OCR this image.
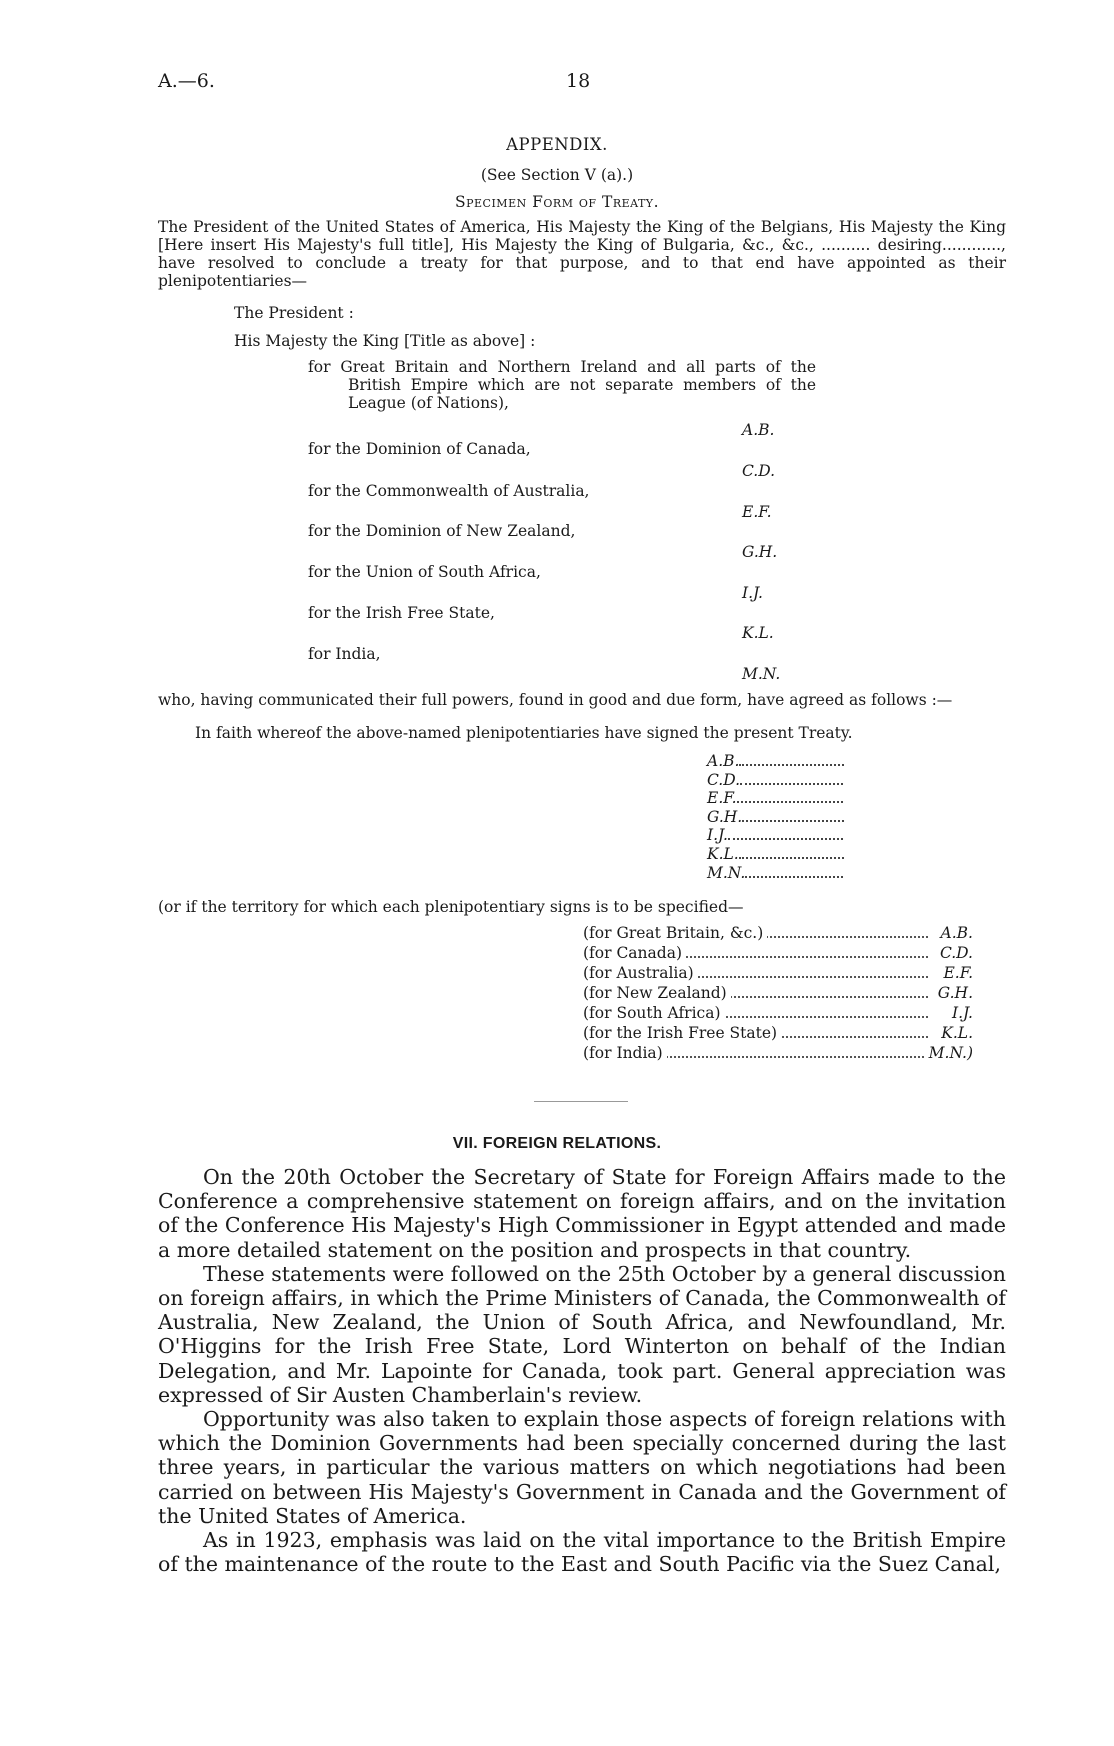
A.—6.	18
APPENDIX.
(See Section V (a).)
Specimen Form of Treaty.
The President of the United States of America, His Majesty the King of the Belgians, His Majesty the King [Here insert His Majesty's full title], His Majesty the King of Bulgaria, &c., &c., .......... desiring............, have resolved to conclude a treaty for that purpose, and to that end have appointed as their plenipotentiaries—
The President :
His Majesty the King [Title as above] :
for Great Britain and Northern Ireland and all parts of the British Empire which are not separate members of the League (of Nations),
A.B.
for the Dominion of Canada,
C.D.
for the Commonwealth of Australia,
E.F.
for the Dominion of New Zealand,
G.H.
for the Union of South Africa,
I.J.
for the Irish Free State,
K.L.
for India,
M.N.
who, having communicated their full powers, found in good and due form, have agreed as follows :—
In faith whereof the above-named plenipotentiaries have signed the present Treaty.
A.B.
C.D.
E.F.
G.H.
I.J.
K.L.
M.N.
(or if the territory for which each plenipotentiary signs is to be specified—
(for Great Britain, &c.)	A.B.
(for Canada)	C.D.
(for Australia)	E.F.
(for New Zealand)	G.H.
(for South Africa)	I.J.
(for the Irish Free State)	K.L.
(for India)	M.N.)
VII. FOREIGN RELATIONS.

On the 20th October the Secretary of State for Foreign Affairs made to the Conference a comprehensive statement on foreign affairs, and on the invitation of the Conference His Majesty's High Commissioner in Egypt attended and made a more detailed statement on the position and prospects in that country.

These statements were followed on the 25th October by a general discussion on foreign affairs, in which the Prime Ministers of Canada, the Commonwealth of Australia, New Zealand, the Union of South Africa, and Newfoundland, Mr. O'Higgins for the Irish Free State, Lord Winterton on behalf of the Indian Delegation, and Mr. Lapointe for Canada, took part. General appreciation was expressed of Sir Austen Chamberlain's review.

Opportunity was also taken to explain those aspects of foreign relations with which the Dominion Governments had been specially concerned during the last three years, in particular the various matters on which negotiations had been carried on between His Majesty's Government in Canada and the Government of the United States of America.

As in 1923, emphasis was laid on the vital importance to the British Empire of the maintenance of the route to the East and South Pacific via the Suez Canal,
